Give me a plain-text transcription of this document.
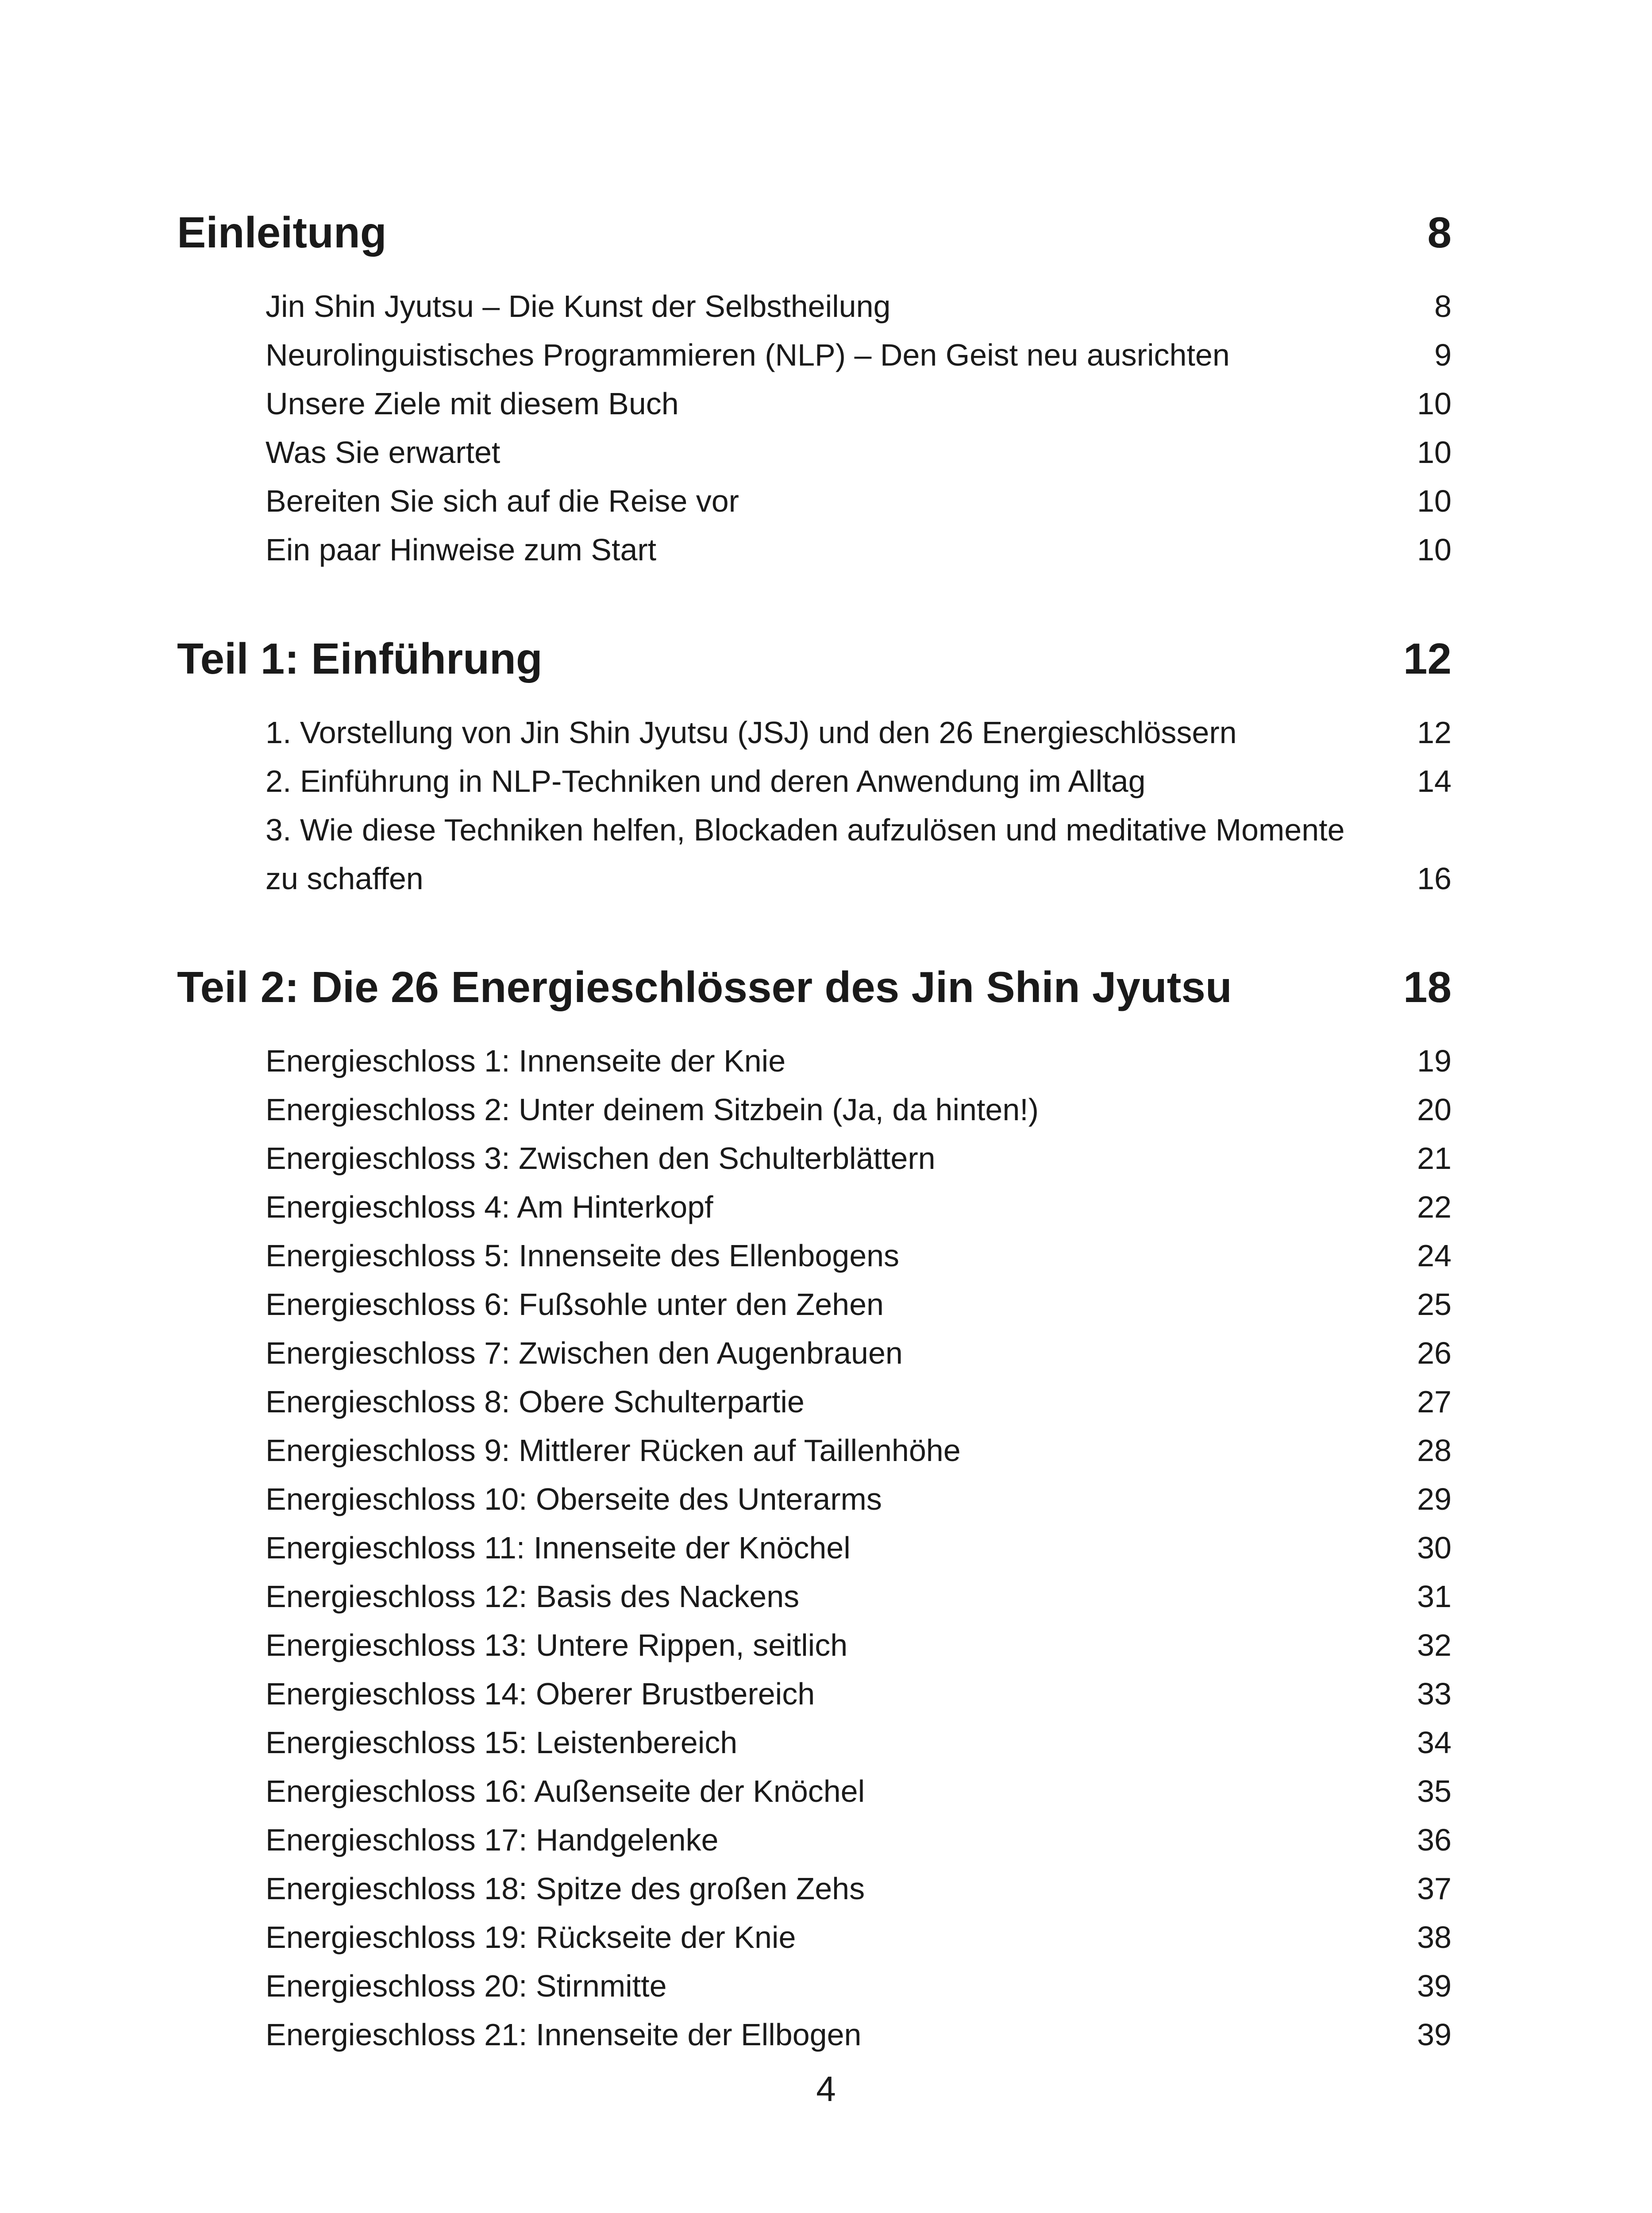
Einleitung	8
Jin Shin Jyutsu – Die Kunst der Selbstheilung	8
Neurolinguistisches Programmieren (NLP) – Den Geist neu ausrichten	9
Unsere Ziele mit diesem Buch	10
Was Sie erwartet	10
Bereiten Sie sich auf die Reise vor	10
Ein paar Hinweise zum Start	10
Teil 1: Einführung	12
1. Vorstellung von Jin Shin Jyutsu (JSJ) und den 26 Energieschlössern	12
2. Einführung in NLP-Techniken und deren Anwendung im Alltag	14
3. Wie diese Techniken helfen, Blockaden aufzulösen und meditative Momente
zu schaffen	16
Teil 2: Die 26 Energieschlösser des Jin Shin Jyutsu	18
Energieschloss 1: Innenseite der Knie	19
Energieschloss 2: Unter deinem Sitzbein (Ja, da hinten!)	20
Energieschloss 3: Zwischen den Schulterblättern	21
Energieschloss 4: Am Hinterkopf	22
Energieschloss 5: Innenseite des Ellenbogens	24
Energieschloss 6: Fußsohle unter den Zehen	25
Energieschloss 7: Zwischen den Augenbrauen	26
Energieschloss 8: Obere Schulterpartie	27
Energieschloss 9: Mittlerer Rücken auf Taillenhöhe	28
Energieschloss 10: Oberseite des Unterarms	29
Energieschloss 11: Innenseite der Knöchel	30
Energieschloss 12: Basis des Nackens	31
Energieschloss 13: Untere Rippen, seitlich	32
Energieschloss 14: Oberer Brustbereich	33
Energieschloss 15: Leistenbereich	34
Energieschloss 16: Außenseite der Knöchel	35
Energieschloss 17: Handgelenke	36
Energieschloss 18: Spitze des großen Zehs	37
Energieschloss 19: Rückseite der Knie	38
Energieschloss 20: Stirnmitte	39
Energieschloss 21: Innenseite der Ellbogen	39
4
